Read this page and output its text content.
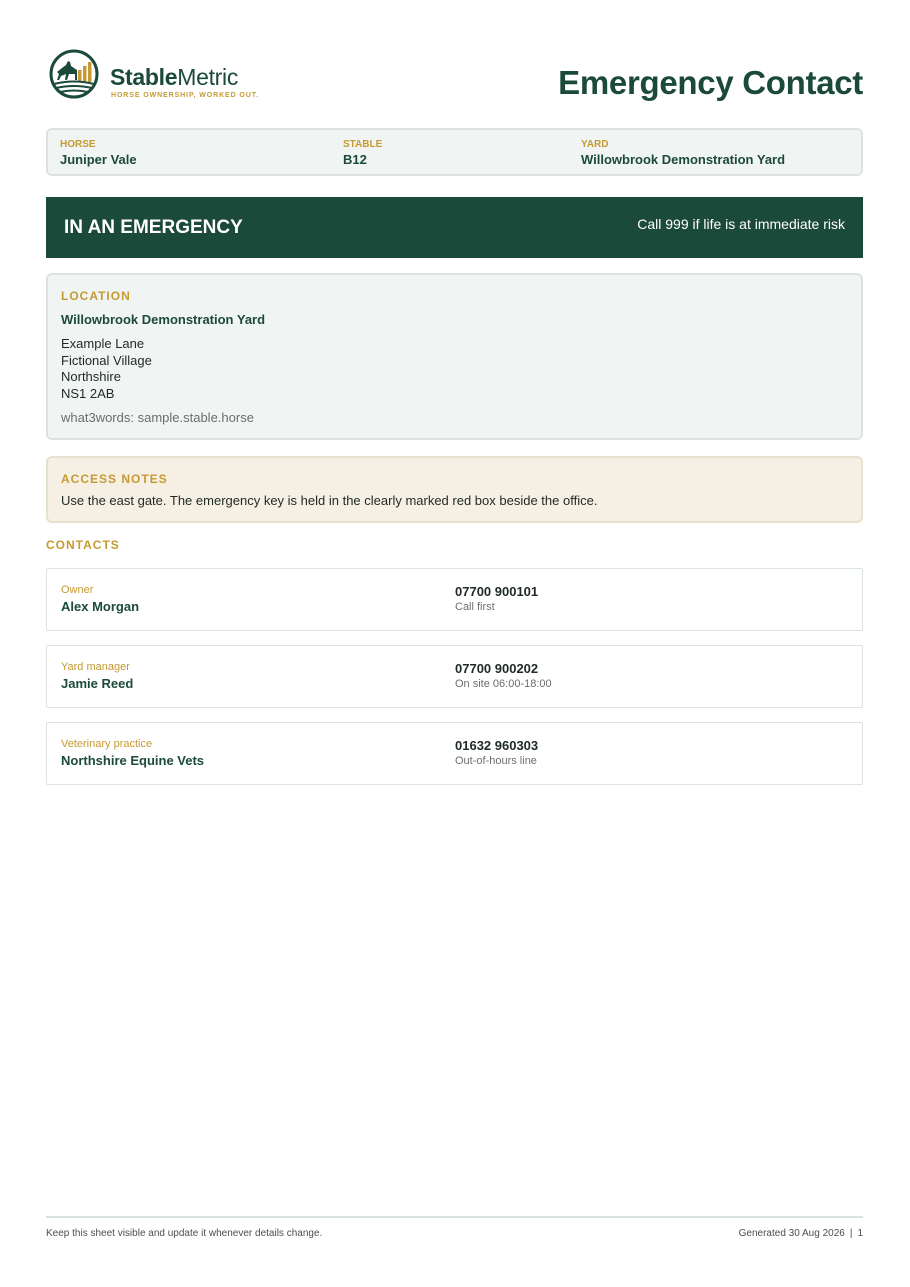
StableMetric
HORSE OWNERSHIP, WORKED OUT.	Emergency Contact
HORSE
Juniper Vale
STABLE
B12
YARD
Willowbrook Demonstration Yard
IN AN EMERGENCY	Call 999 if life is at immediate risk
LOCATION
Willowbrook Demonstration Yard
Example Lane
Fictional Village
Northshire
NS1 2AB
what3words: sample.stable.horse
ACCESS NOTES
Use the east gate. The emergency key is held in the clearly marked red box beside the office.
CONTACTS
Owner
Alex Morgan
07700 900101
Call first
Yard manager
Jamie Reed
07700 900202
On site 06:00-18:00
Veterinary practice
Northshire Equine Vets
01632 960303
Out-of-hours line
Keep this sheet visible and update it whenever details change.	Generated 30 Aug 2026 | 1
